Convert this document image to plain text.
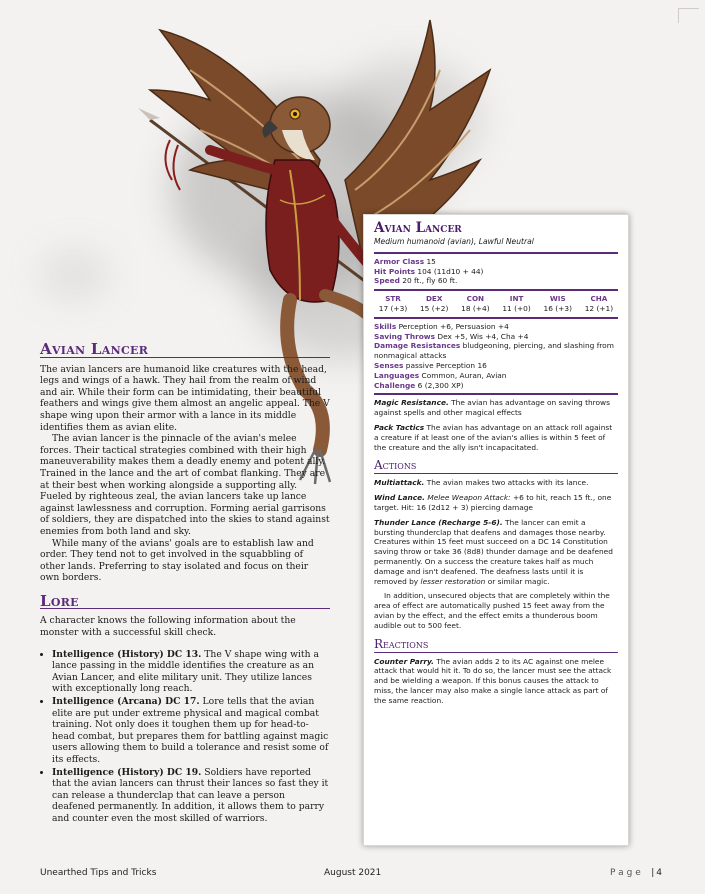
Avian Lancer

The avian lancers are humanoid like creatures with the head, legs and wings of a hawk. They hail from the realm of wind and air. While their form can be intimidating, their beautiful feathers and wings give them almost an angelic appeal. The V shape wing upon their armor with a lance in its middle identifies them as avian elite.

The avian lancer is the pinnacle of the avian's melee forces. Their tactical strategies combined with their high maneuverability makes them a deadly enemy and potent ally. Trained in the lance and the art of combat flanking. They are at their best when working alongside a supporting ally. Fueled by righteous zeal, the avian lancers take up lance against lawlessness and corruption. Forming aerial garrisons of soldiers, they are dispatched into the skies to stand against enemies from both land and sky.

While many of the avians' goals are to establish law and order. They tend not to get involved in the squabbling of other lands. Preferring to stay isolated and focus on their own borders.

Lore

A character knows the following information about the monster with a successful skill check.

• Intelligence (History) DC 13. The V shape wing with a lance passing in the middle identifies the creature as an Avian Lancer, and elite military unit. They utilize lances with exceptionally long reach.
• Intelligence (Arcana) DC 17. Lore tells that the avian elite are put under extreme physical and magical combat training. Not only does it toughen them up for head-to-head combat, but prepares them for battling against magic users allowing them to build a tolerance and resist some of its effects.
• Intelligence (History) DC 19. Soldiers have reported that the avian lancers can thrust their lances so fast they it can release a thunderclap that can leave a person deafened permanently. In addition, it allows them to parry and counter even the most skilled of warriors.
Avian Lancer
Medium humanoid (avian), Lawful Neutral
Armor Class 15
Hit Points 104 (11d10 + 44)
Speed 20 ft., fly 60 ft.
STR
17 (+3)
DEX
15 (+2)
CON
18 (+4)
INT
11 (+0)
WIS
16 (+3)
CHA
12 (+1)
Skills Perception +6, Persuasion +4
Saving Throws Dex +5, Wis +4, Cha +4
Damage Resistances bludgeoning, piercing, and slashing from nonmagical attacks
Senses passive Perception 16
Languages Common, Auran, Avian
Challenge 6 (2,300 XP)

Magic Resistance. The avian has advantage on saving throws against spells and other magical effects

Pack Tactics The avian has advantage on an attack roll against a creature if at least one of the avian's allies is within 5 feet of the creature and the ally isn't incapacitated.

Actions

Multiattack. The avian makes two attacks with its lance.

Wind Lance. Melee Weapon Attack: +6 to hit, reach 15 ft., one target. Hit: 16 (2d12 + 3) piercing damage

Thunder Lance (Recharge 5-6). The lancer can emit a bursting thunderclap that deafens and damages those nearby. Creatures within 15 feet must succeed on a DC 14 Constitution saving throw or take 36 (8d8) thunder damage and be deafened permanently. On a success the creature takes half as much damage and isn't deafened. The deafness lasts until it is removed by lesser restoration or similar magic.

In addition, unsecured objects that are completely within the area of effect are automatically pushed 15 feet away from the avian by the effect, and the effect emits a thunderous boom audible out to 500 feet.

Reactions

Counter Parry. The avian adds 2 to its AC against one melee attack that would hit it. To do so, the lancer must see the attack and be wielding a weapon. If this bonus causes the attack to miss, the lancer may also make a single lance attack as part of the same reaction.

Unearthed Tips and Tricks	August 2021	Page | 4
